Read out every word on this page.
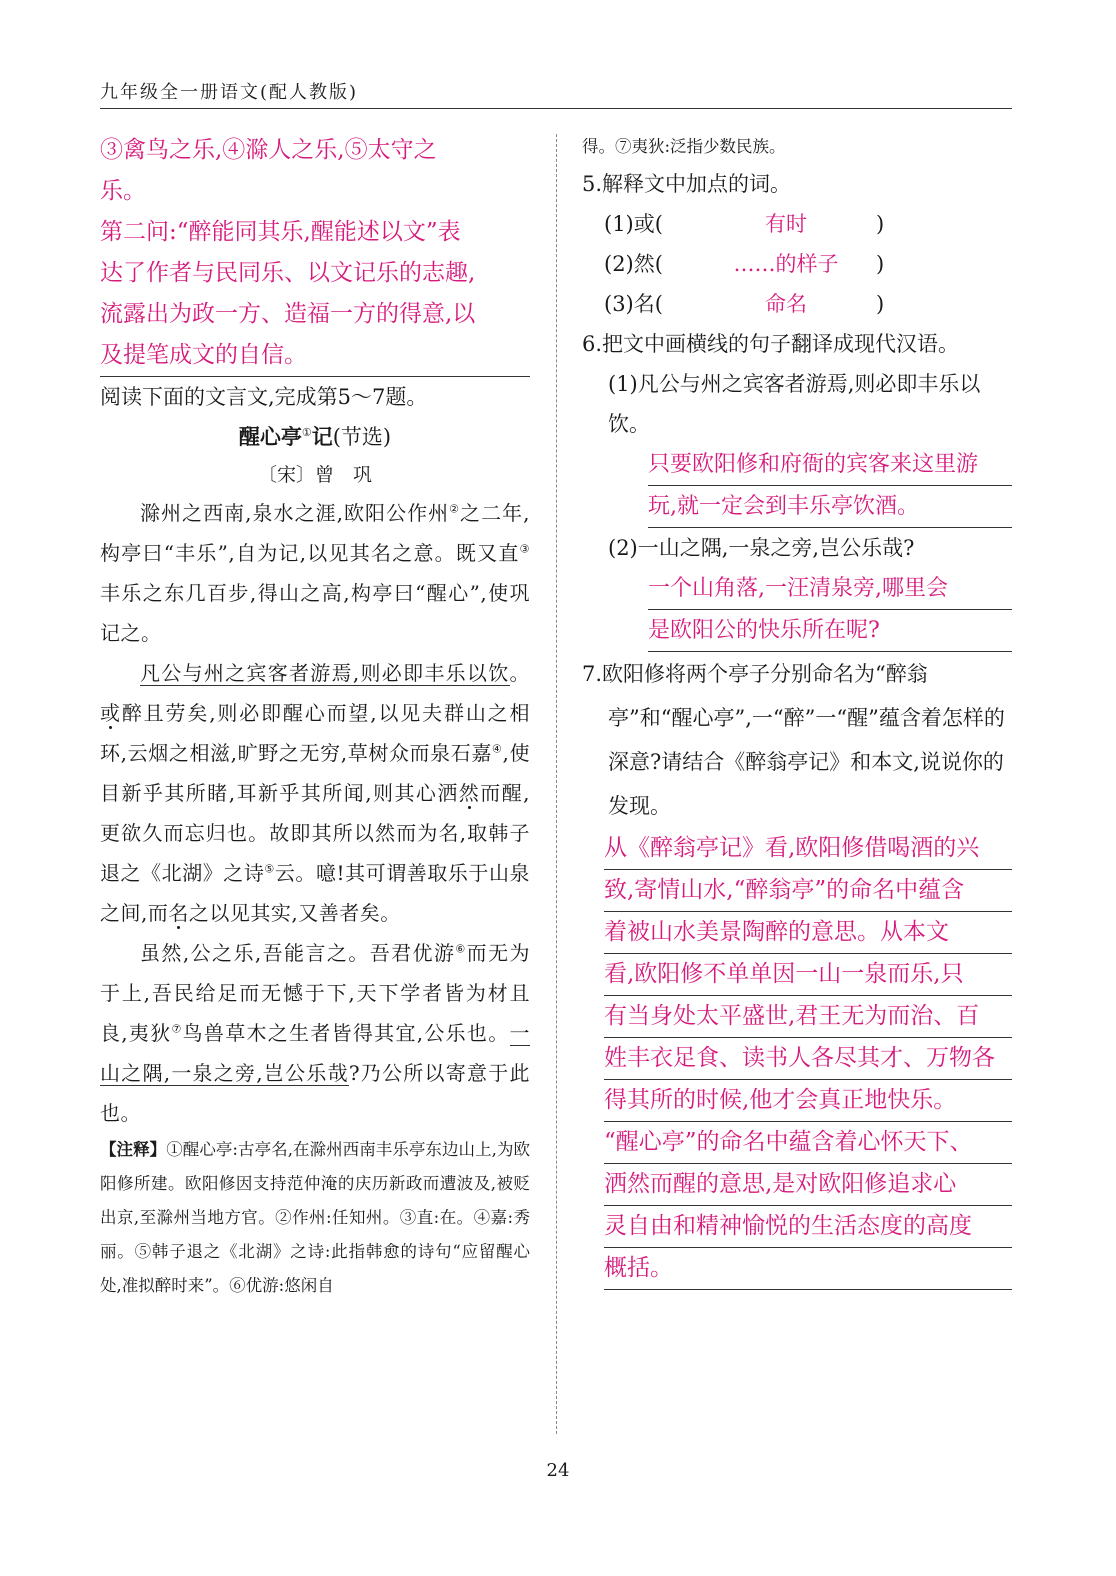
九年级全一册语文(配人教版)
③禽鸟之乐,④滁人之乐,⑤太守之
乐。
第二问:“醉能同其乐,醒能述以文”表
达了作者与民同乐、以文记乐的志趣,
流露出为政一方、造福一方的得意,以
及提笔成文的自信。
阅读下面的文言文,完成第5～7题。
醒心亭①记(节选)
〔宋〕曾　巩
滁州之西南,泉水之涯,欧阳公作州②之二年,构亭曰“丰乐”,自为记,以见其名之意。既又直③丰乐之东几百步,得山之高,构亭曰“醒心”,使巩记之。
凡公与州之宾客者游焉,则必即丰乐以饮。或醉且劳矣,则必即醒心而望,以见夫群山之相环,云烟之相滋,旷野之无穷,草树众而泉石嘉④,使目新乎其所睹,耳新乎其所闻,则其心洒然而醒,更欲久而忘归也。故即其所以然而为名,取韩子退之《北湖》之诗⑤云。噫!其可谓善取乐于山泉之间,而名之以见其实,又善者矣。
虽然,公之乐,吾能言之。吾君优游⑥而无为于上,吾民给足而无憾于下,天下学者皆为材且良,夷狄⑦鸟兽草木之生者皆得其宜,公乐也。一山之隅,一泉之旁,岂公乐哉?乃公所以寄意于此也。
【注释】①醒心亭:古亭名,在滁州西南丰乐亭东边山上,为欧阳修所建。欧阳修因支持范仲淹的庆历新政而遭波及,被贬出京,至滁州当地方官。②作州:任知州。③直:在。④嘉:秀丽。⑤韩子退之《北湖》之诗:此指韩愈的诗句“应留醒心处,准拟醉时来”。⑥优游:悠闲自
得。⑦夷狄:泛指少数民族。
5.解释文中加点的词。
(1)或(	有时	)
(2)然(	……的样子	)
(3)名(	命名	)
6.把文中画横线的句子翻译成现代汉语。
(1)凡公与州之宾客者游焉,则必即丰乐以饮。
只要欧阳修和府衙的宾客来这里游
玩,就一定会到丰乐亭饮酒。
(2)一山之隅,一泉之旁,岂公乐哉?
一个山角落,一汪清泉旁,哪里会
是欧阳公的快乐所在呢?
7.欧阳修将两个亭子分别命名为“醉翁亭”和“醒心亭”,一“醉”一“醒”蕴含着怎样的深意?请结合《醉翁亭记》和本文,说说你的发现。
从《醉翁亭记》看,欧阳修借喝酒的兴
致,寄情山水,“醉翁亭”的命名中蕴含
着被山水美景陶醉的意思。从本文
看,欧阳修不单单因一山一泉而乐,只
有当身处太平盛世,君王无为而治、百
姓丰衣足食、读书人各尽其才、万物各
得其所的时候,他才会真正地快乐。
“醒心亭”的命名中蕴含着心怀天下、
洒然而醒的意思,是对欧阳修追求心
灵自由和精神愉悦的生活态度的高度
概括。
24
